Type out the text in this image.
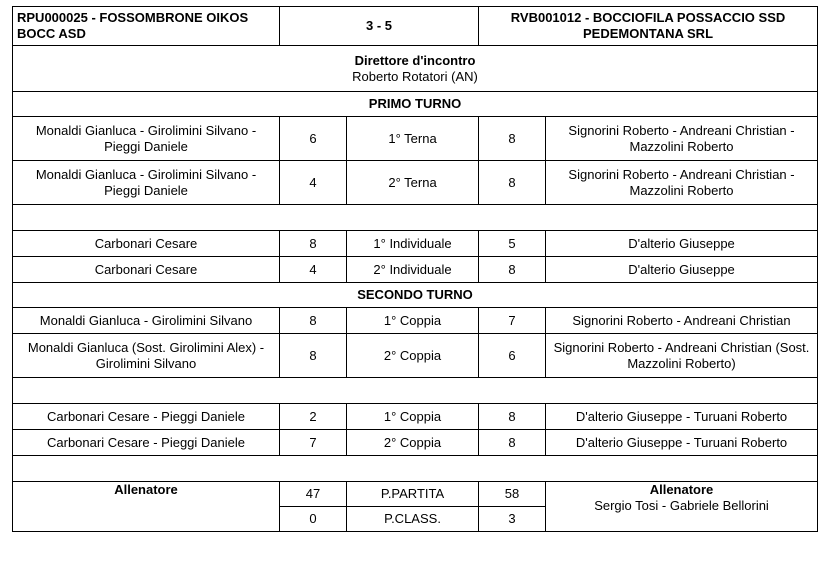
RPU000025 - FOSSOMBRONE OIKOS BOCC ASD	3 - 5		RVB001012 - BOCCIOFILA POSSACCIO SSD PEDEMONTANA SRL	

Direttore d'incontro
Roberto Rotatori (AN)				
PRIMO TURNO				
Monaldi Gianluca - Girolimini Silvano - Pieggi Daniele	6	1° Terna	8	Signorini Roberto - Andreani Christian - Mazzolini Roberto
Monaldi Gianluca - Girolimini Silvano - Pieggi Daniele	4	2° Terna	8	Signorini Roberto - Andreani Christian - Mazzolini Roberto

Carbonari Cesare	8	1° Individuale	5	D'alterio Giuseppe
Carbonari Cesare	4	2° Individuale	8	D'alterio Giuseppe
SECONDO TURNO				
Monaldi Gianluca - Girolimini Silvano	8	1° Coppia	7	Signorini Roberto - Andreani Christian
Monaldi Gianluca (Sost. Girolimini Alex) - Girolimini Silvano	8	2° Coppia	6	Signorini Roberto - Andreani Christian (Sost. Mazzolini Roberto)

Carbonari Cesare - Pieggi Daniele	2	1° Coppia	8	D'alterio Giuseppe - Turuani Roberto
Carbonari Cesare - Pieggi Daniele	7	2° Coppia	8	D'alterio Giuseppe - Turuani Roberto

Allenatore	47	P.PARTITA	58	Allenatore
Sergio Tosi - Gabriele Bellorini
	0	P.CLASS.	3	
